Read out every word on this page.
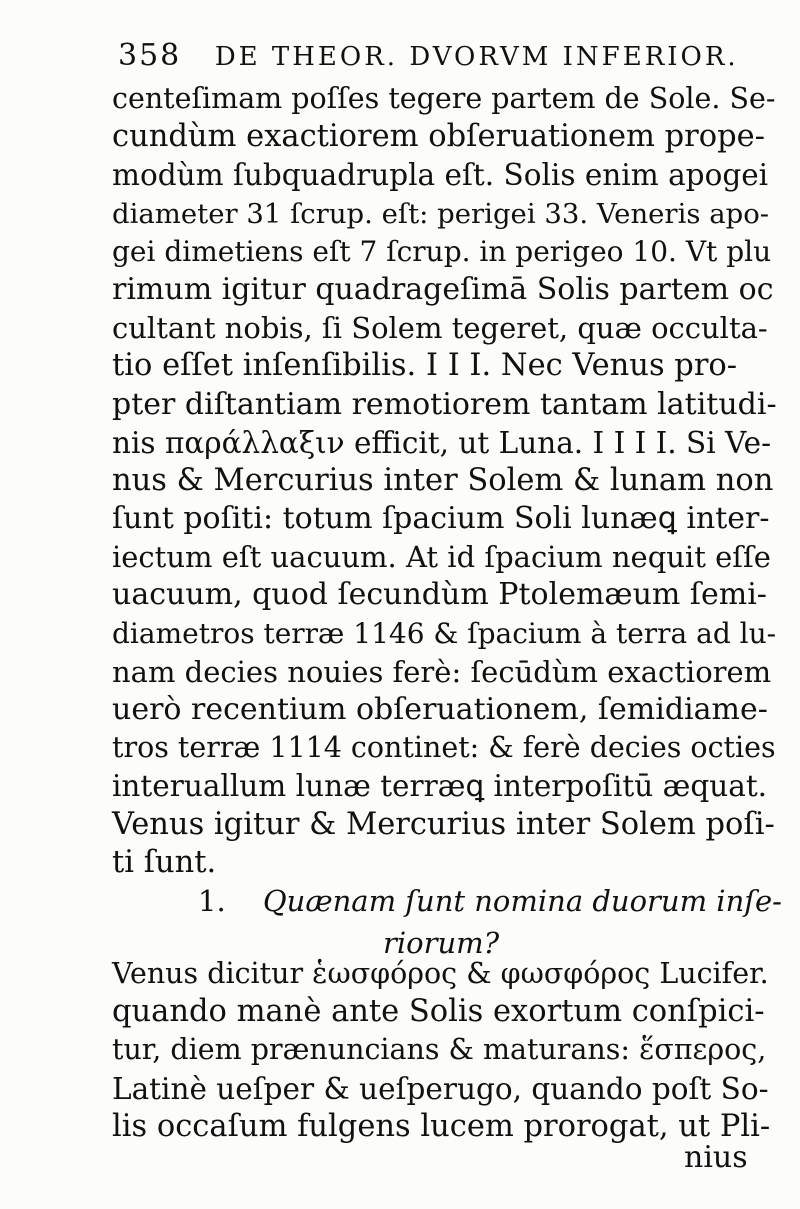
358 DE THEOR. DVORVM INFERIOR.
centeſimam poſſes tegere partem de Sole. Se-
cundùm exactiorem obſeruationem prope-
modùm ſubquadrupla eſt. Solis enim apogei
diameter 31 ſcrup. eſt: perigei 33. Veneris apo-
gei dimetiens eſt 7 ſcrup. in perigeo 10. Vt plu
rimum igitur quadrageſimā Solis partem oc
cultant nobis, ſi Solem tegeret, quæ occulta-
tio eſſet inſenſibilis. I I I. Nec Venus pro-
pter diſtantiam remotiorem tantam latitudi-
nis παράλλαξιν efficit, ut Luna. I I I I. Si Ve-
nus & Mercurius inter Solem & lunam non
ſunt poſiti: totum ſpacium Soli lunæꝗ inter-
iectum eſt uacuum. At id ſpacium nequit eſſe
uacuum, quod ſecundùm Ptolemæum ſemi-
diametros terræ 1146 & ſpacium à terra ad lu-
nam decies nouies ferè: ſecūdùm exactiorem
uerò recentium obſeruationem, ſemidiame-
tros terræ 1114 continet: & ferè decies octies
interuallum lunæ terræꝗ interpoſitū æquat.
Venus igitur & Mercurius inter Solem poſi-
ti ſunt.
1. Quænam ſunt nomina duorum inſe-
riorum?
Venus dicitur ἑωσφόρος & φωσφόρος Lucifer.
quando manè ante Solis exortum conſpici-
tur, diem prænuncians & maturans: ἕσπερος,
Latinè ueſper & ueſperugo, quando poſt So-
lis occaſum fulgens lucem prorogat, ut Pli-
nius
